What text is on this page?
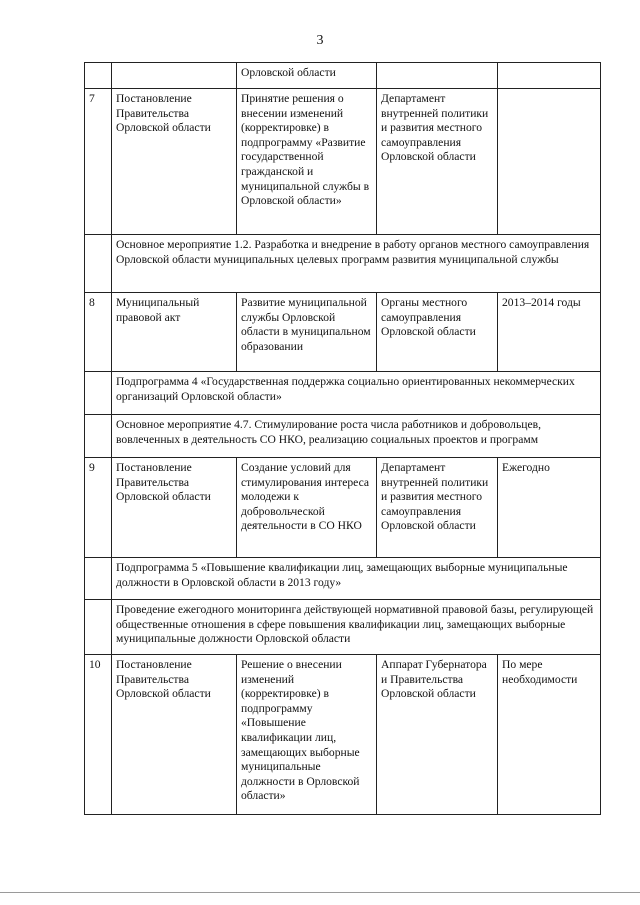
3
		Орловской области		
7	Постановление Правительства Орловской области	Принятие решения о внесении изменений (корректировке) в подпрограмму «Развитие государственной гражданской и муниципальной службы в Орловской области»	Департамент внутренней политики и развития местного самоуправления Орловской области	
	Основное мероприятие 1.2. Разработка и внедрение в работу органов местного самоуправления Орловской области муниципальных целевых программ развития муниципальной службы			
8	Муниципальный правовой акт	Развитие муниципальной службы Орловской области в муниципальном образовании	Органы местного самоуправления Орловской области	2013–2014 годы
	Подпрограмма 4 «Государственная поддержка социально ориентированных некоммерческих организаций Орловской области»			
	Основное мероприятие 4.7. Стимулирование роста числа работников и добровольцев, вовлеченных в деятельность СО НКО, реализацию социальных проектов и программ			
9	Постановление Правительства Орловской области	Создание условий для стимулирования интереса молодежи к добровольческой деятельности в СО НКО	Департамент внутренней политики и развития местного самоуправления Орловской области	Ежегодно
	Подпрограмма 5 «Повышение квалификации лиц, замещающих выборные муниципальные должности в Орловской области в 2013 году»			
	Проведение ежегодного мониторинга действующей нормативной правовой базы, регулирующей общественные отношения в сфере повышения квалификации лиц, замещающих выборные муниципальные должности Орловской области			
10	Постановление Правительства Орловской области	Решение о внесении изменений (корректировке) в подпрограмму «Повышение квалификации лиц, замещающих выборные муниципальные должности в Орловской области»	Аппарат Губернатора и Правительства Орловской области	По мере необходимости
